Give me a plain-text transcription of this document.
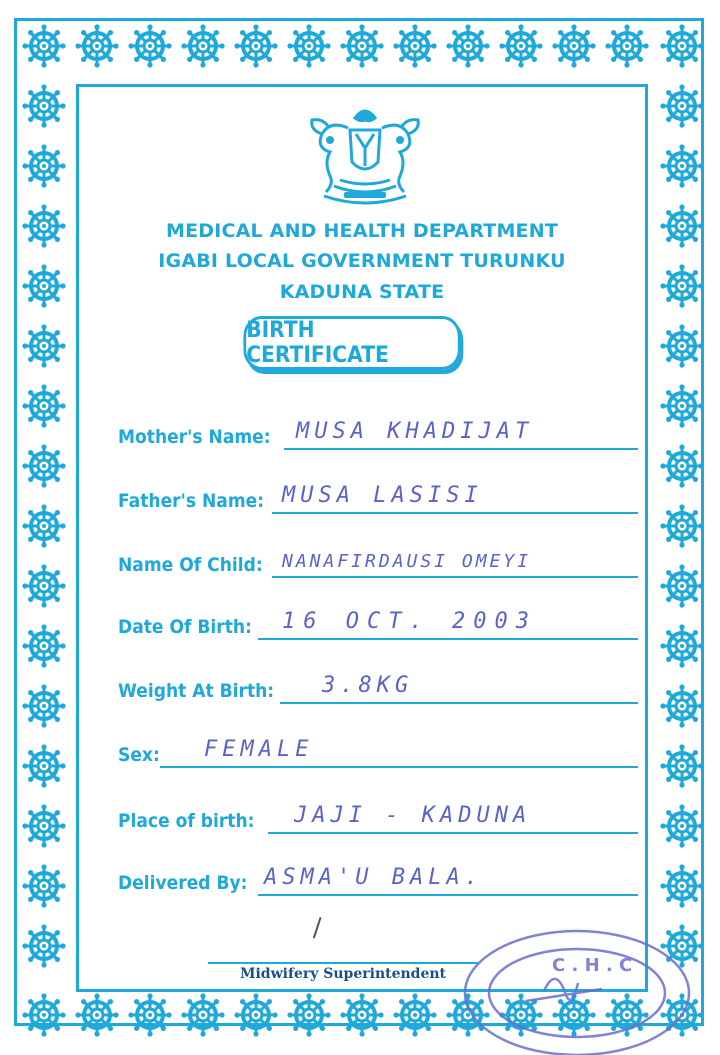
MEDICAL AND HEALTH DEPARTMENT
IGABI LOCAL GOVERNMENT TURUNKU
KADUNA STATE
BIRTH CERTIFICATE
Mother's Name: MUSA KHADIJAT
Father's Name: MUSA LASISI
Name Of Child: NANAFIRDAUSI OMEYI
Date Of Birth: 16 OCT. 2003
Weight At Birth: 3.8KG
Sex: FEMALE
Place of birth: JAJI - KADUNA
Delivered By: ASMA'U BALA.
Midwifery Superintendent	C . H . C
